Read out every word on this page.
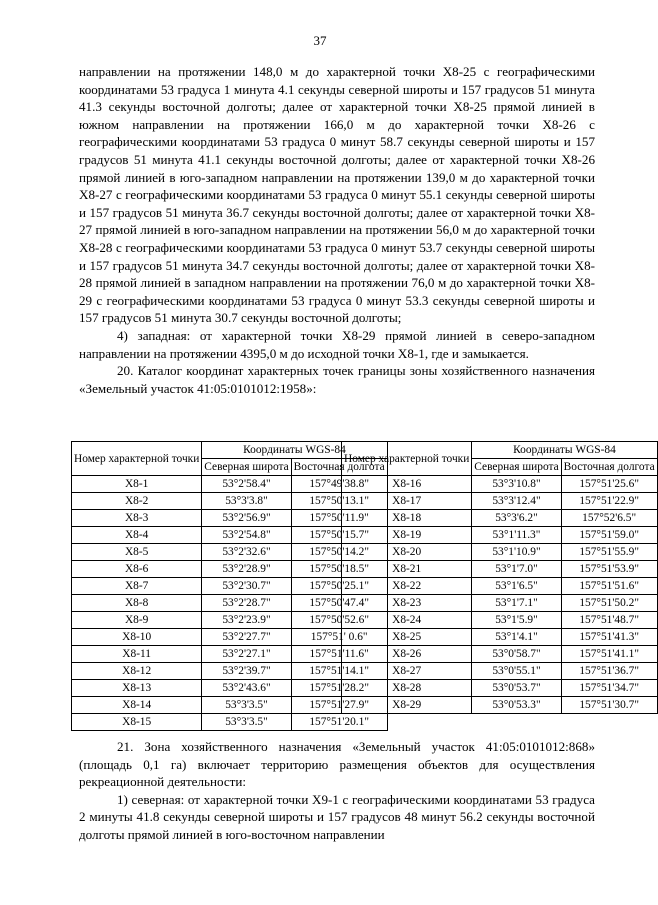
37

направлении на протяжении 148,0 м до характерной точки Х8-25 с географическими координатами 53 градуса 1 минута 4.1 секунды северной широты и 157 градусов 51 минута 41.3 секунды восточной долготы; далее от характерной точки Х8-25 прямой линией в южном направлении на протяжении 166,0 м до характерной точки Х8-26 с географическими координатами 53 градуса 0 минут 58.7 секунды северной широты и 157 градусов 51 минута 41.1 секунды восточной долготы; далее от характерной точки Х8-26 прямой линией в юго-западном направлении на протяжении 139,0 м до характерной точки Х8-27 с географическими координатами 53 градуса 0 минут 55.1 секунды северной широты и 157 градусов 51 минута 36.7 секунды восточной долготы; далее от характерной точки Х8-27 прямой линией в юго-западном направлении на протяжении 56,0 м до характерной точки Х8-28 с географическими координатами 53 градуса 0 минут 53.7 секунды северной широты и 157 градусов 51 минута 34.7 секунды восточной долготы; далее от характерной точки Х8-28 прямой линией в западном направлении на протяжении 76,0 м до характерной точки Х8-29 с географическими координатами 53 градуса 0 минут 53.3 секунды северной широты и 157 градусов 51 минута 30.7 секунды восточной долготы;

4) западная: от характерной точки Х8-29 прямой линией в северо-западном направлении на протяжении 4395,0 м до исходной точки Х8-1, где и замыкается.

20. Каталог координат характерных точек границы зоны хозяйственного назначения «Земельный участок 41:05:0101012:1958»:

Номер характерной точки	Координаты WGS-84	
	Северная широта	Восточная долгота
Х8-1	53°2'58.4"	157°49'38.8"
Х8-2	53°3'3.8"	157°50'13.1"
Х8-3	53°2'56.9"	157°50'11.9"
Х8-4	53°2'54.8"	157°50'15.7"
Х8-5	53°2'32.6"	157°50'14.2"
Х8-6	53°2'28.9"	157°50'18.5"
Х8-7	53°2'30.7"	157°50'25.1"
Х8-8	53°2'28.7"	157°50'47.4"
Х8-9	53°2'23.9"	157°50'52.6"
Х8-10	53°2'27.7"	157°51' 0.6"
Х8-11	53°2'27.1"	157°51'11.6"
Х8-12	53°2'39.7"	157°51'14.1"
Х8-13	53°2'43.6"	157°51'28.2"
Х8-14	53°3'3.5"	157°51'27.9"
Х8-15	53°3'3.5"	157°51'20.1"
Номер характерной точки	Координаты WGS-84	
	Северная широта	Восточная долгота
Х8-16	53°3'10.8"	157°51'25.6"
Х8-17	53°3'12.4"	157°51'22.9"
Х8-18	53°3'6.2"	157°52'6.5"
Х8-19	53°1'11.3"	157°51'59.0"
Х8-20	53°1'10.9"	157°51'55.9"
Х8-21	53°1'7.0"	157°51'53.9"
Х8-22	53°1'6.5"	157°51'51.6"
Х8-23	53°1'7.1"	157°51'50.2"
Х8-24	53°1'5.9"	157°51'48.7"
Х8-25	53°1'4.1"	157°51'41.3"
Х8-26	53°0'58.7"	157°51'41.1"
Х8-27	53°0'55.1"	157°51'36.7"
Х8-28	53°0'53.7"	157°51'34.7"
Х8-29	53°0'53.3"	157°51'30.7"

21. Зона хозяйственного назначения «Земельный участок 41:05:0101012:868» (площадь 0,1 га) включает территорию размещения объектов для осуществления рекреационной деятельности:

1) северная: от характерной точки Х9-1 с географическими координатами 53 градуса 2 минуты 41.8 секунды северной широты и 157 градусов 48 минут 56.2 секунды восточной долготы прямой линией в юго-восточном направлении
